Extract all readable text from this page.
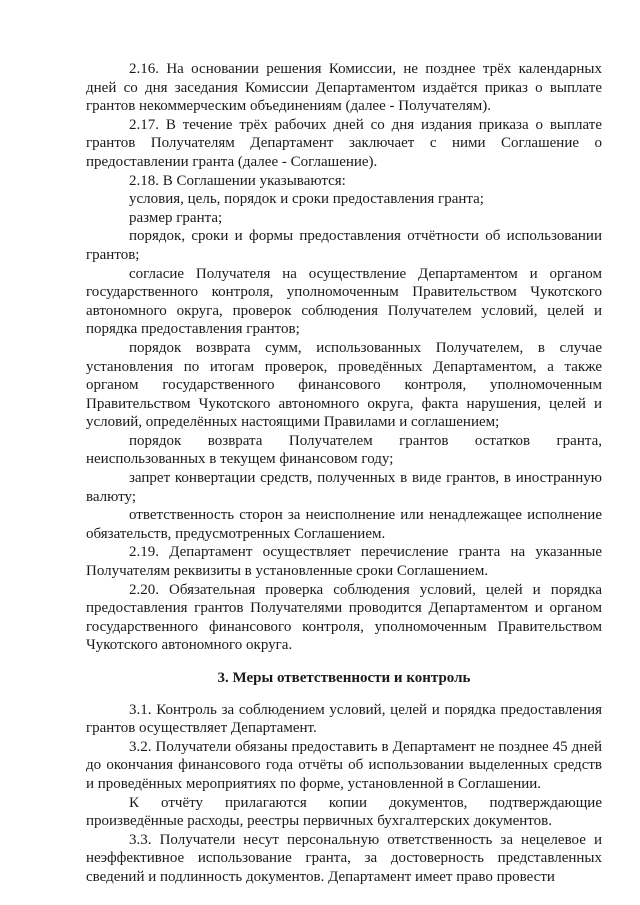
2.16. На основании решения Комиссии, не позднее трёх календарных дней со дня заседания Комиссии Департаментом издаётся приказ о выплате грантов некоммерческим объединениям (далее - Получателям).

2.17. В течение трёх рабочих дней со дня издания приказа о выплате грантов Получателям Департамент заключает с ними Соглашение о предоставлении гранта (далее - Соглашение).

2.18. В Соглашении указываются:

условия, цель, порядок и сроки предоставления гранта;

размер гранта;

порядок, сроки и формы предоставления отчётности об использовании грантов;

согласие Получателя на осуществление Департаментом и органом государственного контроля, уполномоченным Правительством Чукотского автономного округа, проверок соблюдения Получателем условий, целей и порядка предоставления грантов;

порядок возврата сумм, использованных Получателем, в случае установления по итогам проверок, проведённых Департаментом, а также органом государственного финансового контроля, уполномоченным Правительством Чукотского автономного округа, факта нарушения, целей и условий, определённых настоящими Правилами и соглашением;

порядок возврата Получателем грантов остатков гранта, неиспользованных в текущем финансовом году;

запрет конвертации средств, полученных в виде грантов, в иностранную валюту;

ответственность сторон за неисполнение или ненадлежащее исполнение обязательств, предусмотренных Соглашением.

2.19. Департамент осуществляет перечисление гранта на указанные Получателям реквизиты в установленные сроки Соглашением.

2.20. Обязательная проверка соблюдения условий, целей и порядка предоставления грантов Получателями проводится Департаментом и органом государственного финансового контроля, уполномоченным Правительством Чукотского автономного округа.

3. Меры ответственности и контроль

3.1. Контроль за соблюдением условий, целей и порядка предоставления грантов осуществляет Департамент.

3.2. Получатели обязаны предоставить в Департамент не позднее 45 дней до окончания финансового года отчёты об использовании выделенных средств и проведённых мероприятиях по форме, установленной в Соглашении.

К отчёту прилагаются копии документов, подтверждающие произведённые расходы, реестры первичных бухгалтерских документов.

3.3. Получатели несут персональную ответственность за нецелевое и неэффективное использование гранта, за достоверность представленных сведений и подлинность документов. Департамент имеет право провести
